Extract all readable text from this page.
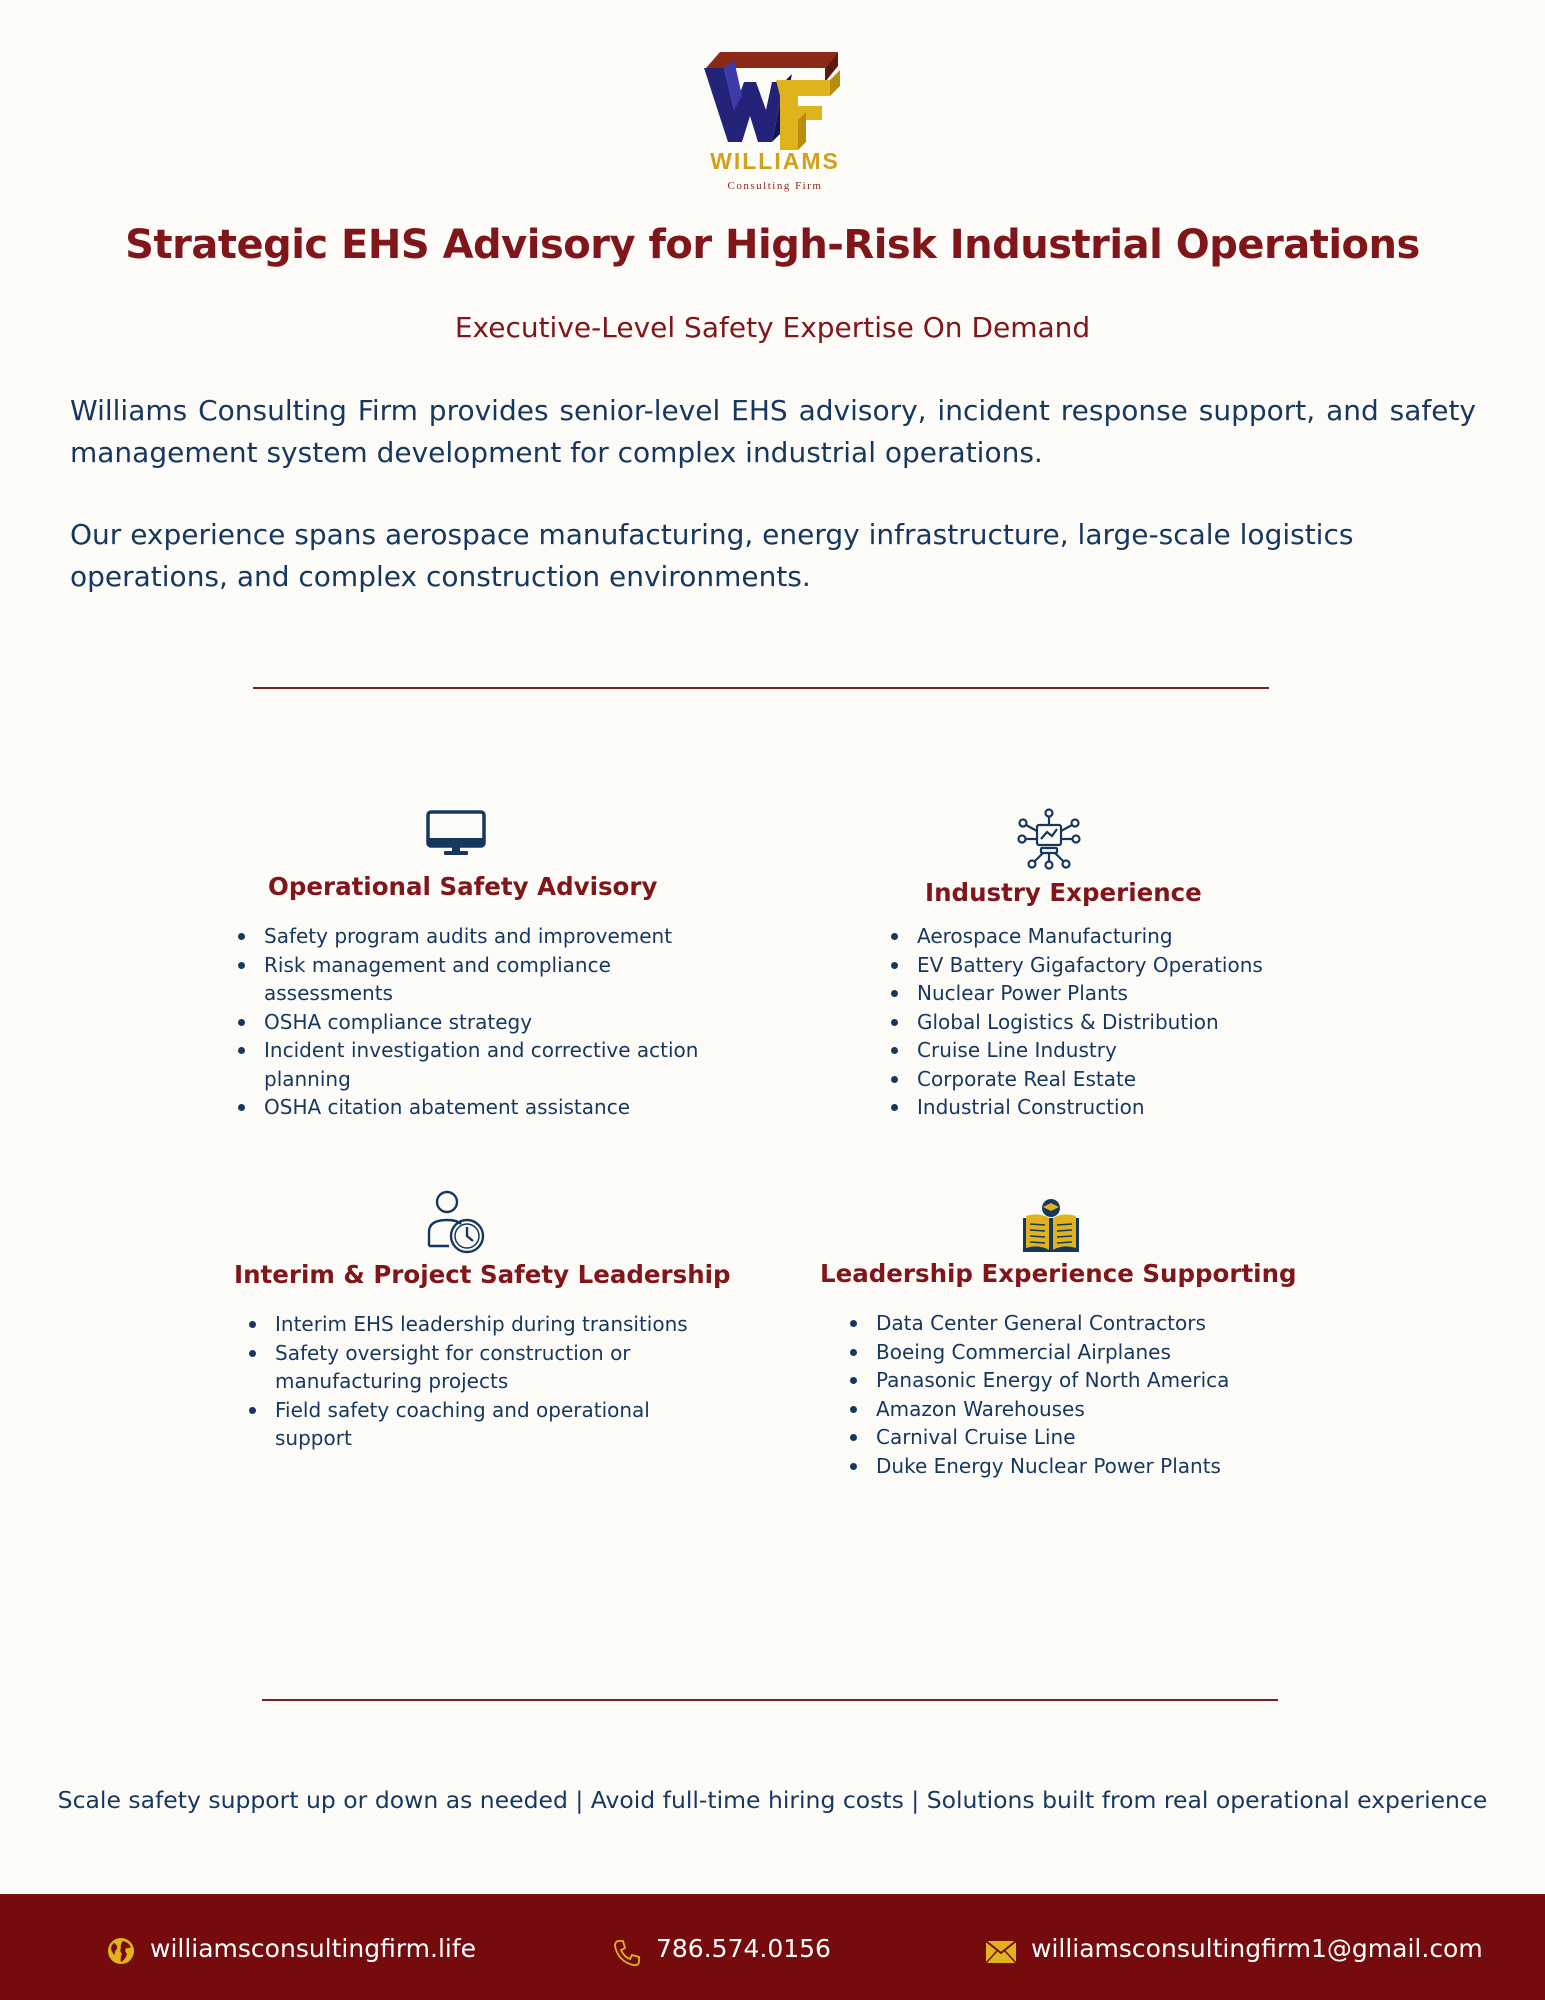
WILLIAMS
Consulting Firm
Strategic EHS Advisory for High-Risk Industrial Operations
Executive-Level Safety Expertise On Demand

Williams Consulting Firm provides senior-level EHS advisory, incident response support, and safety management system development for complex industrial operations.

Our experience spans aerospace manufacturing, energy infrastructure, large-scale logistics operations, and complex construction environments.

Operational Safety Advisory
Safety program audits and improvement
Risk management and compliance assessments
OSHA compliance strategy
Incident investigation and corrective action planning
OSHA citation abatement assistance
Industry Experience
Aerospace Manufacturing
EV Battery Gigafactory Operations
Nuclear Power Plants
Global Logistics & Distribution
Cruise Line Industry
Corporate Real Estate
Industrial Construction
Interim & Project Safety Leadership
Interim EHS leadership during transitions
Safety oversight for construction or manufacturing projects
Field safety coaching and operational support
Leadership Experience Supporting
Data Center General Contractors
Boeing Commercial Airplanes
Panasonic Energy of North America
Amazon Warehouses
Carnival Cruise Line
Duke Energy Nuclear Power Plants
Scale safety support up or down as needed | Avoid full-time hiring costs | Solutions built from real operational experience
williamsconsultingfirm.life	786.574.0156	williamsconsultingfirm1@gmail.com
